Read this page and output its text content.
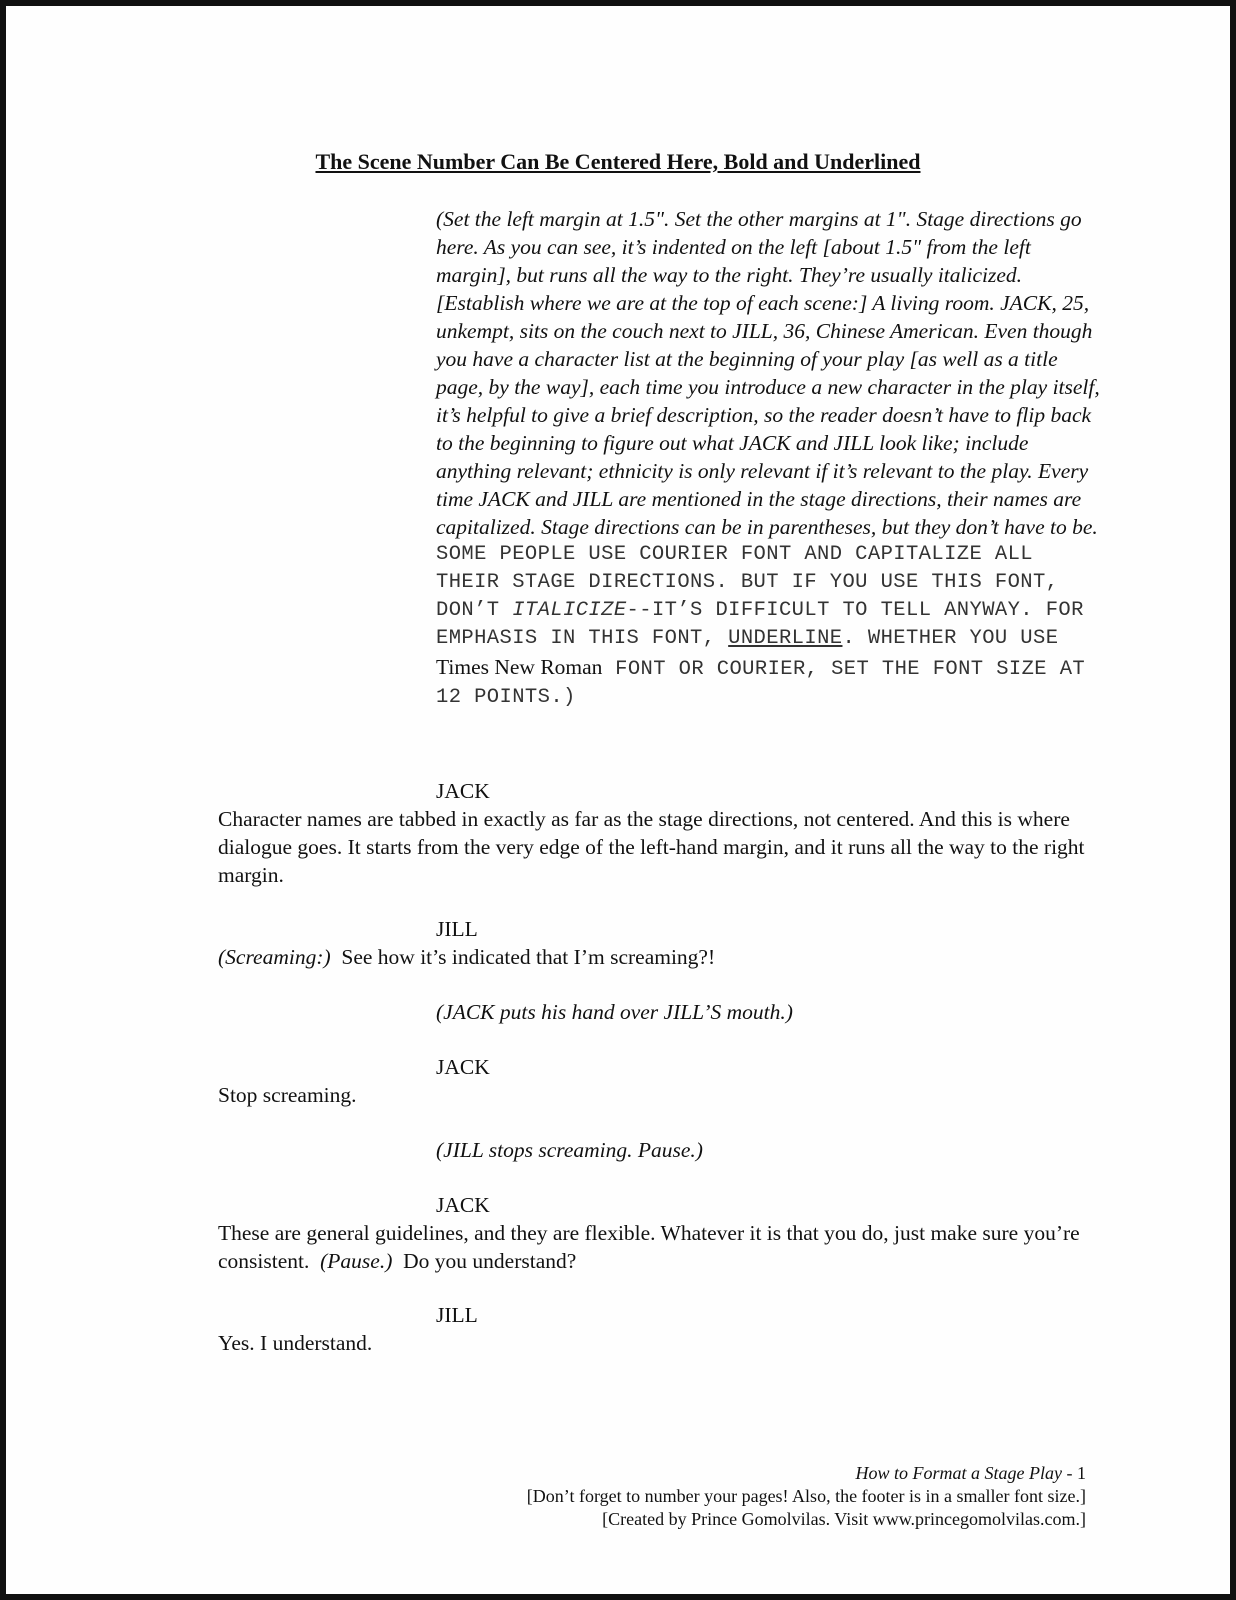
The Scene Number Can Be Centered Here, Bold and Underlined
(Set the left margin at 1.5". Set the other margins at 1". Stage directions go here. As you can see, it’s indented on the left [about 1.5" from the left margin], but runs all the way to the right. They’re usually italicized. [Establish where we are at the top of each scene:] A living room. JACK, 25, unkempt, sits on the couch next to JILL, 36, Chinese American. Even though you have a character list at the beginning of your play [as well as a title page, by the way], each time you introduce a new character in the play itself, it’s helpful to give a brief description, so the reader doesn’t have to flip back to the beginning to figure out what JACK and JILL look like; include anything relevant; ethnicity is only relevant if it’s relevant to the play. Every time JACK and JILL are mentioned in the stage directions, their names are capitalized. Stage directions can be in parentheses, but they don’t have to be.
SOME PEOPLE USE COURIER FONT AND CAPITALIZE ALL THEIR STAGE DIRECTIONS. BUT IF YOU USE THIS FONT, DON’T ITALICIZE--IT’S DIFFICULT TO TELL ANYWAY. FOR EMPHASIS IN THIS FONT, UNDERLINE. WHETHER YOU USE Times New Roman FONT OR COURIER, SET THE FONT SIZE AT 12 POINTS.)
JACK
Character names are tabbed in exactly as far as the stage directions, not centered. And this is where dialogue goes. It starts from the very edge of the left-hand margin, and it runs all the way to the right margin.
JILL
(Screaming:) See how it’s indicated that I’m screaming?!
(JACK puts his hand over JILL’S mouth.)
JACK
Stop screaming.
(JILL stops screaming. Pause.)
JACK
These are general guidelines, and they are flexible. Whatever it is that you do, just make sure you’re consistent. (Pause.) Do you understand?
JILL
Yes. I understand.
How to Format a Stage Play - 1
[Don’t forget to number your pages! Also, the footer is in a smaller font size.]
[Created by Prince Gomolvilas. Visit www.princegomolvilas.com.]
